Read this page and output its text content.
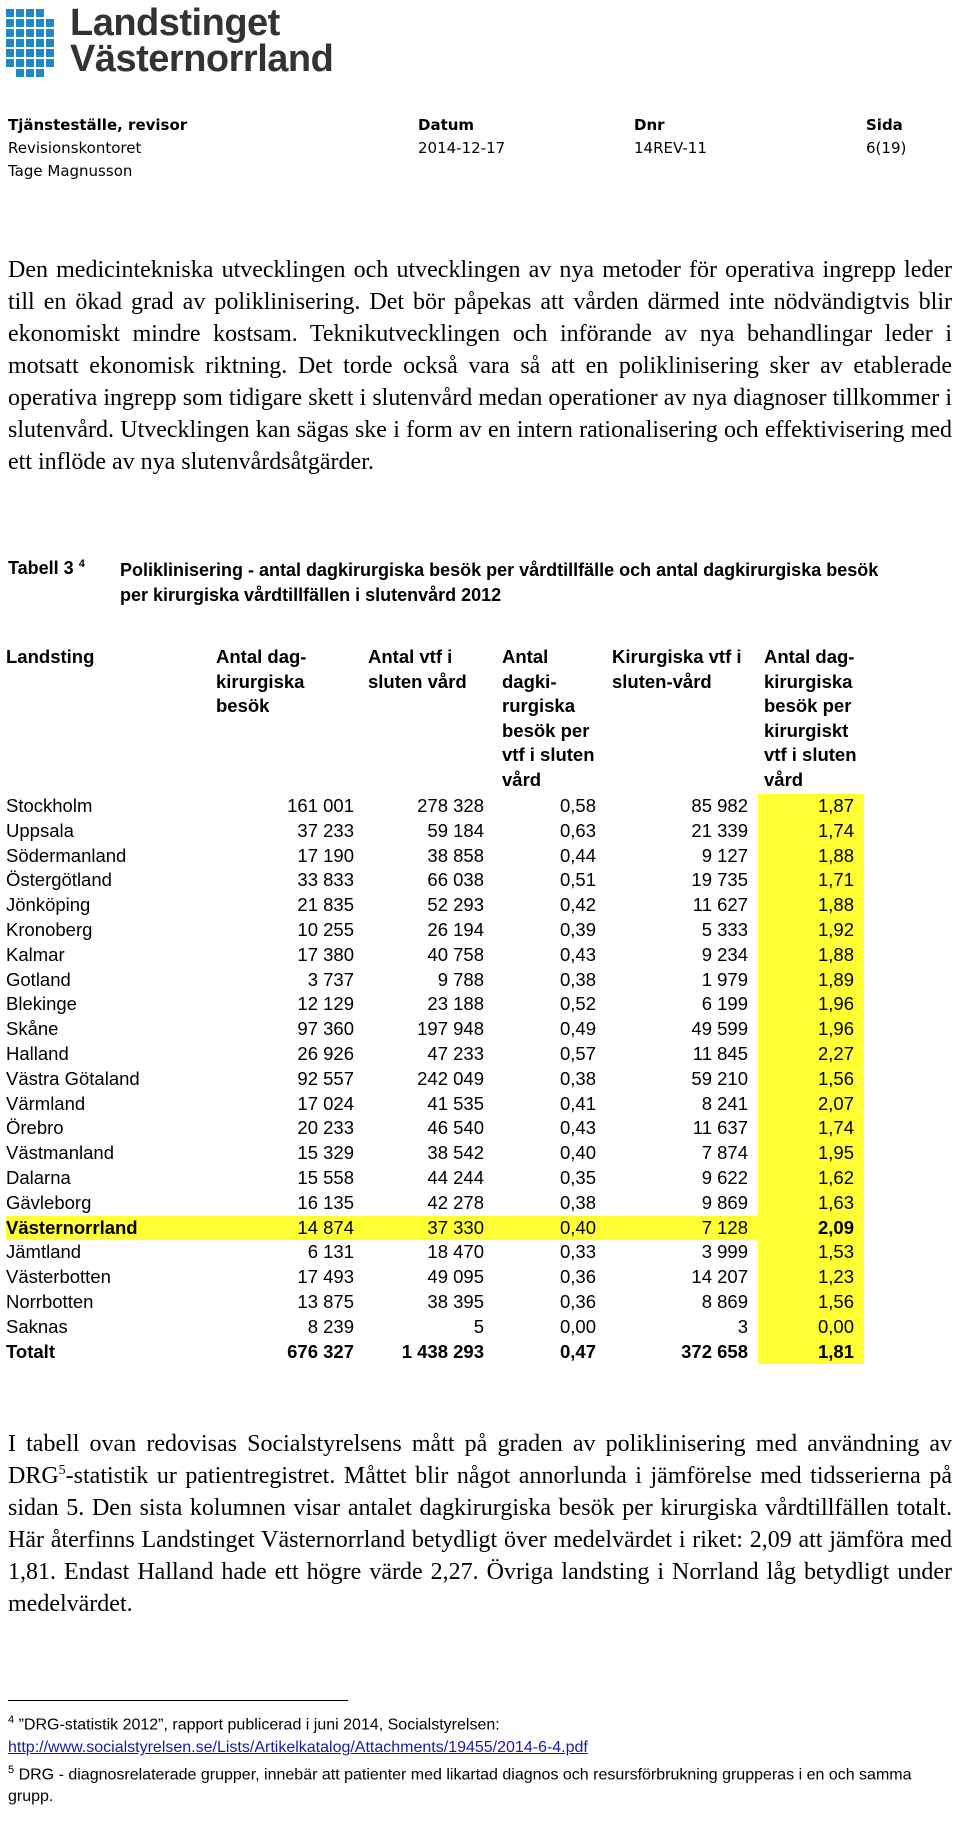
Landstinget
Västernorrland
Tjänsteställe, revisor
Revisionskontoret
Tage Magnusson
Datum
2014-12-17
Dnr
14REV-11
Sida
6(19)

Den medicintekniska utvecklingen och utvecklingen av nya metoder för operativa ingrepp leder till en ökad grad av poliklinisering. Det bör påpekas att vården därmed inte nödvändigtvis blir ekonomiskt mindre kostsam. Teknikutvecklingen och införande av nya behandlingar leder i motsatt ekonomisk riktning. Det torde också vara så att en poliklinisering sker av etablerade operativa ingrepp som tidigare skett i slutenvård medan operationer av nya diagnoser tillkommer i slutenvård. Utvecklingen kan sägas ske i form av en intern rationalisering och effektivisering med ett inflöde av nya slutenvårdsåtgärder.

Tabell 3 $^4$ Poliklinisering - antal dagkirurgiska besök per vårdtillfälle och antal dagkirurgiska besök per kirurgiska vårdtillfällen i slutenvård 2012
Landsting	Antal dag-kirurgiska besök	Antal vtf i sluten vård	Antal dagki-rurgiska besök per vtf i sluten vård	Kirurgiska vtf i sluten-vård	Antal dag-kirurgiska besök per kirurgiskt vtf i sluten vård
Stockholm	161 001	278 328	0,58	85 982	1,87
Uppsala	37 233	59 184	0,63	21 339	1,74
Södermanland	17 190	38 858	0,44	9 127	1,88
Östergötland	33 833	66 038	0,51	19 735	1,71
Jönköping	21 835	52 293	0,42	11 627	1,88
Kronoberg	10 255	26 194	0,39	5 333	1,92
Kalmar	17 380	40 758	0,43	9 234	1,88
Gotland	3 737	9 788	0,38	1 979	1,89
Blekinge	12 129	23 188	0,52	6 199	1,96
Skåne	97 360	197 948	0,49	49 599	1,96
Halland	26 926	47 233	0,57	11 845	2,27
Västra Götaland	92 557	242 049	0,38	59 210	1,56
Värmland	17 024	41 535	0,41	8 241	2,07
Örebro	20 233	46 540	0,43	11 637	1,74
Västmanland	15 329	38 542	0,40	7 874	1,95
Dalarna	15 558	44 244	0,35	9 622	1,62
Gävleborg	16 135	42 278	0,38	9 869	1,63
Västernorrland	14 874	37 330	0,40	7 128	2,09
Jämtland	6 131	18 470	0,33	3 999	1,53
Västerbotten	17 493	49 095	0,36	14 207	1,23
Norrbotten	13 875	38 395	0,36	8 869	1,56
Saknas	8 239	5	0,00	3	0,00
Totalt	676 327	1 438 293	0,47	372 658	1,81

I tabell ovan redovisas Socialstyrelsens mått på graden av poliklinisering med användning av DRG$^5$-statistik ur patientregistret. Måttet blir något annorlunda i jämförelse med tidsserierna på sidan 5. Den sista kolumnen visar antalet dagkirurgiska besök per kirurgiska vårdtillfällen totalt. Här återfinns Landstinget Västernorrland betydligt över medelvärdet i riket: 2,09 att jämföra med 1,81. Endast Halland hade ett högre värde 2,27. Övriga landsting i Norrland låg betydligt under medelvärdet.

$^4$ ”DRG-statistik 2012”, rapport publicerad i juni 2014, Socialstyrelsen:
http://www.socialstyrelsen.se/Lists/Artikelkatalog/Attachments/19455/2014-6-4.pdf
$^5$ DRG - diagnosrelaterade grupper, innebär att patienter med likartad diagnos och resursförbrukning grupperas i en och samma grupp.
